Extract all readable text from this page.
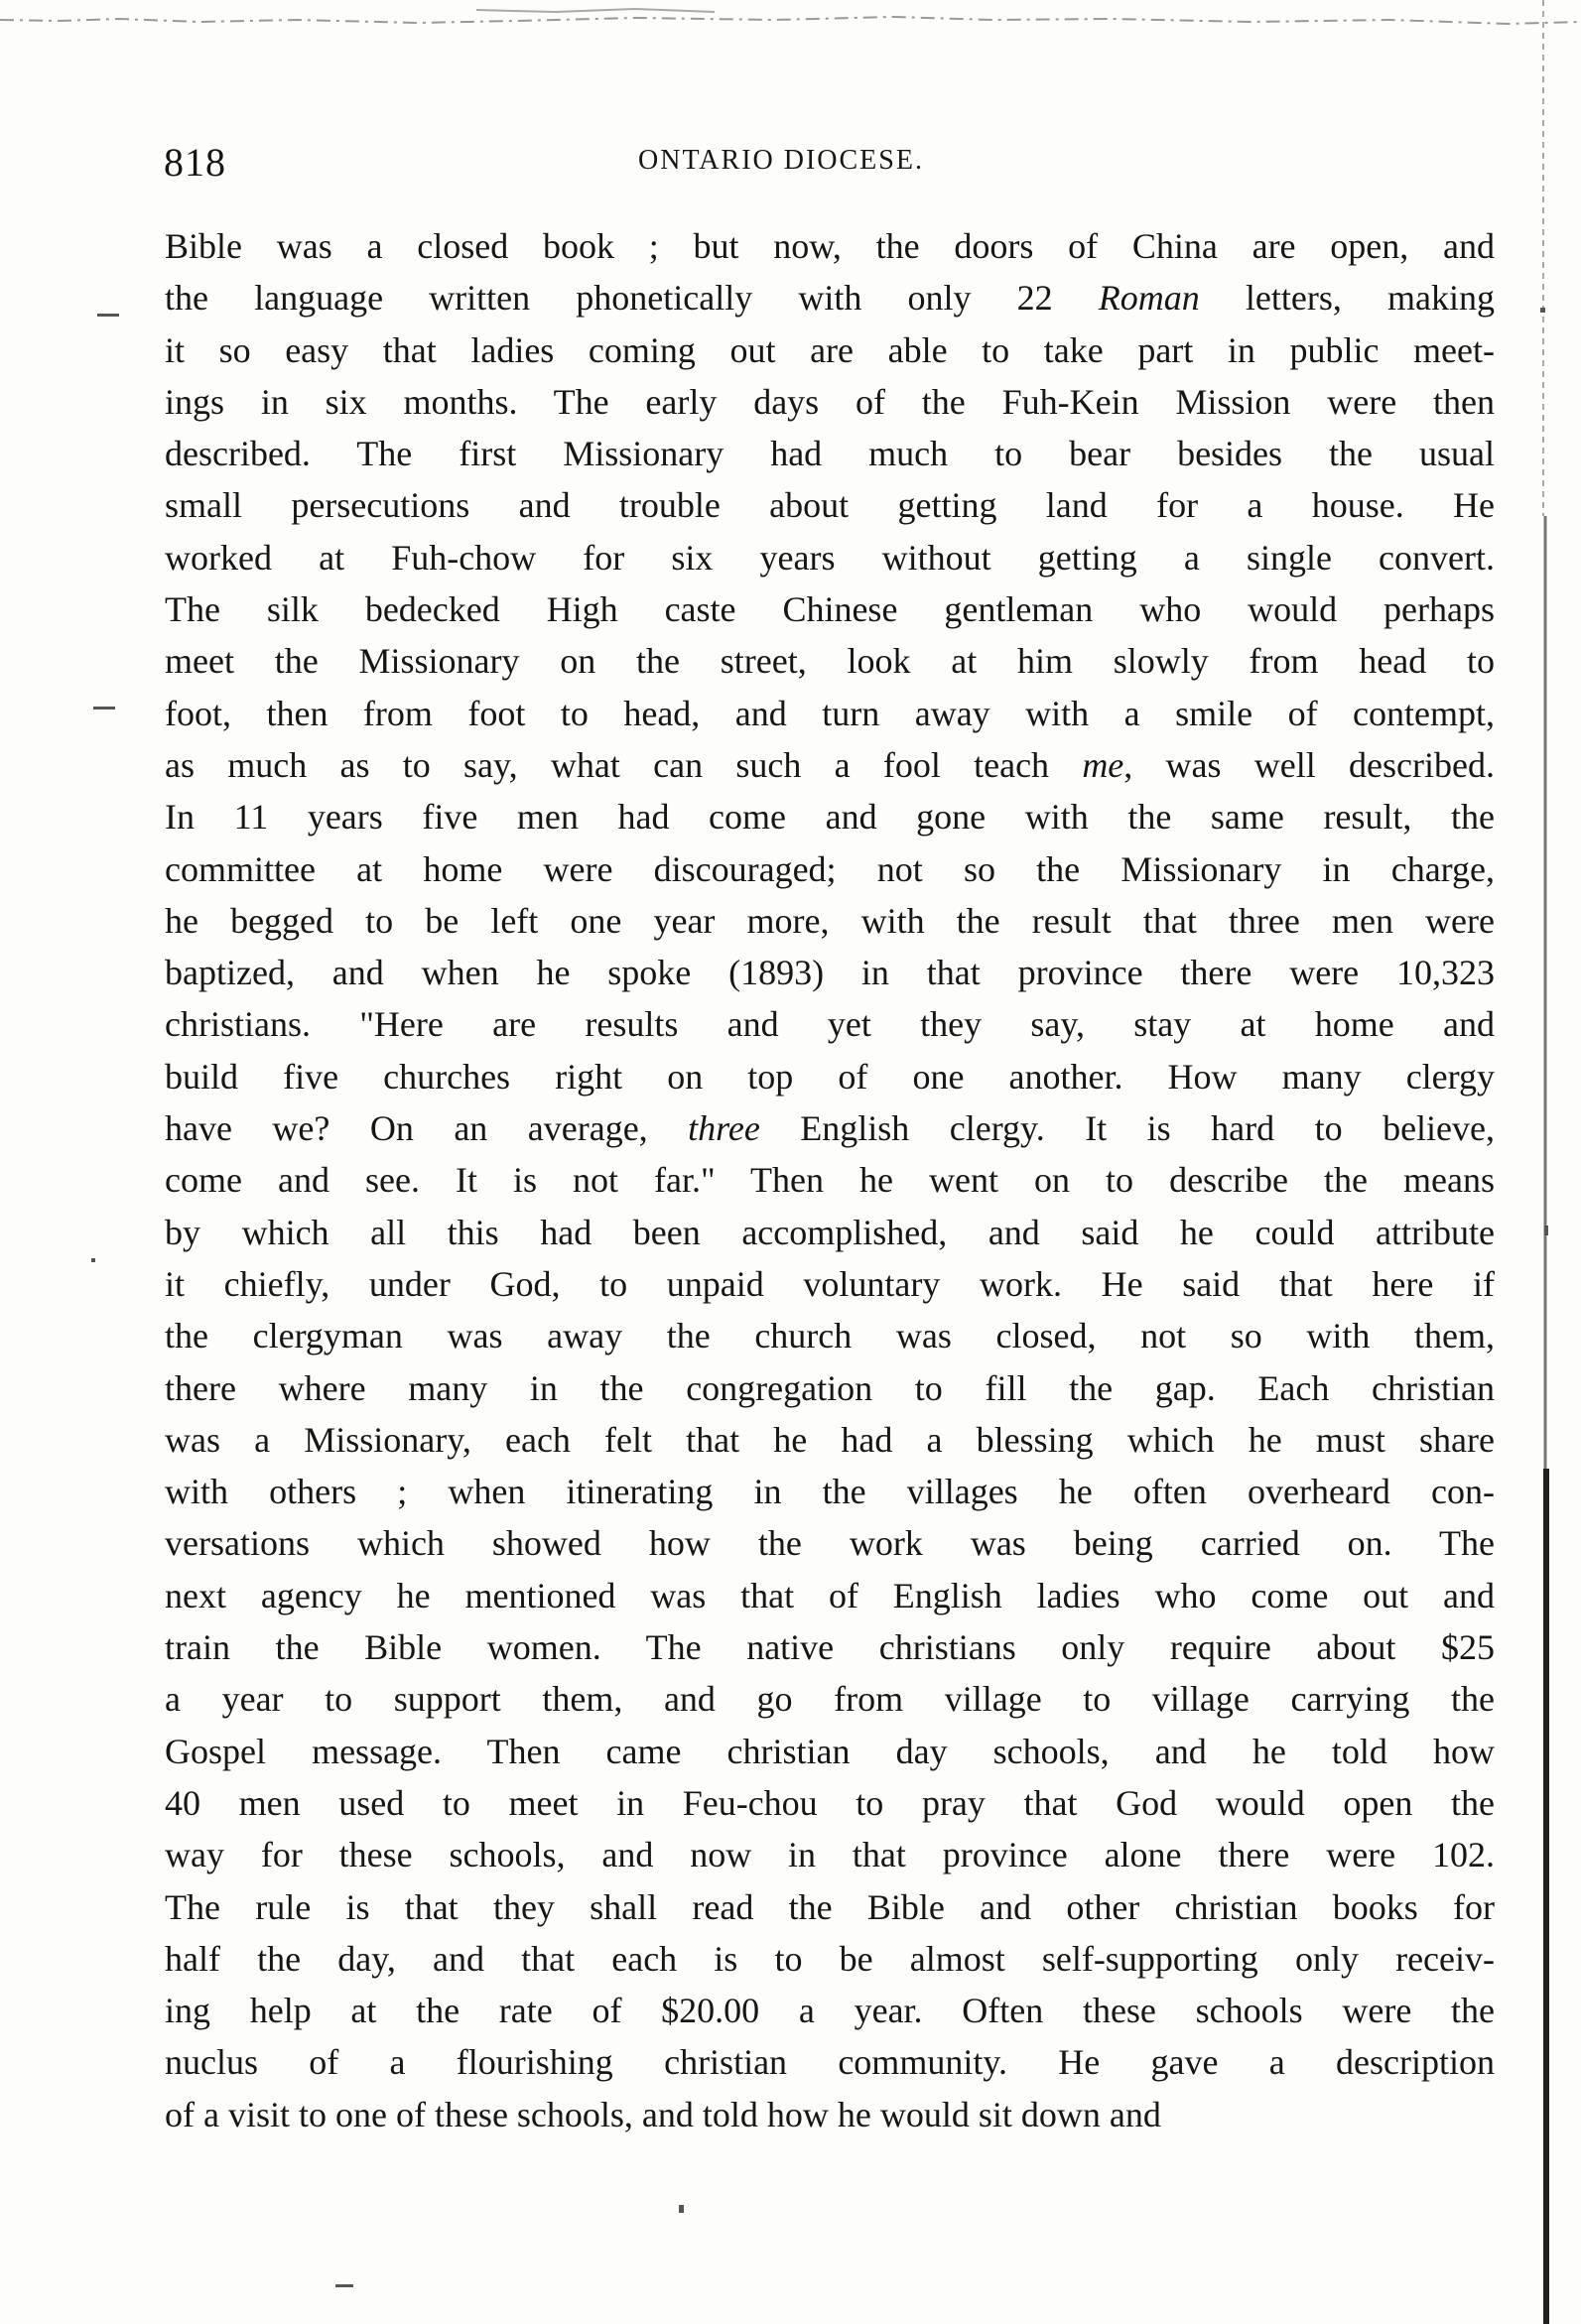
818	ONTARIO DIOCESE.
Bible was a closed book ; but now, the doors of China are open, and
the language written phonetically with only 22 Roman letters, making
it so easy that ladies coming out are able to take part in public meet-
ings in six months. The early days of the Fuh-Kein Mission were then
described. The first Missionary had much to bear besides the usual
small persecutions and trouble about getting land for a house. He
worked at Fuh-chow for six years without getting a single convert.
The silk bedecked High caste Chinese gentleman who would perhaps
meet the Missionary on the street, look at him slowly from head to
foot, then from foot to head, and turn away with a smile of contempt,
as much as to say, what can such a fool teach me, was well described.
In 11 years five men had come and gone with the same result, the
committee at home were discouraged; not so the Missionary in charge,
he begged to be left one year more, with the result that three men were
baptized, and when he spoke (1893) in that province there were 10,323
christians. "Here are results and yet they say, stay at home and
build five churches right on top of one another. How many clergy
have we? On an average, three English clergy. It is hard to believe,
come and see. It is not far." Then he went on to describe the means
by which all this had been accomplished, and said he could attribute
it chiefly, under God, to unpaid voluntary work. He said that here if
the clergyman was away the church was closed, not so with them,
there where many in the congregation to fill the gap. Each christian
was a Missionary, each felt that he had a blessing which he must share
with others ; when itinerating in the villages he often overheard con-
versations which showed how the work was being carried on. The
next agency he mentioned was that of English ladies who come out and
train the Bible women. The native christians only require about $25
a year to support them, and go from village to village carrying the
Gospel message. Then came christian day schools, and he told how
40 men used to meet in Feu-chou to pray that God would open the
way for these schools, and now in that province alone there were 102.
The rule is that they shall read the Bible and other christian books for
half the day, and that each is to be almost self-supporting only receiv-
ing help at the rate of $20.00 a year. Often these schools were the
nuclus of a flourishing christian community. He gave a description
of a visit to one of these schools, and told how he would sit down and
